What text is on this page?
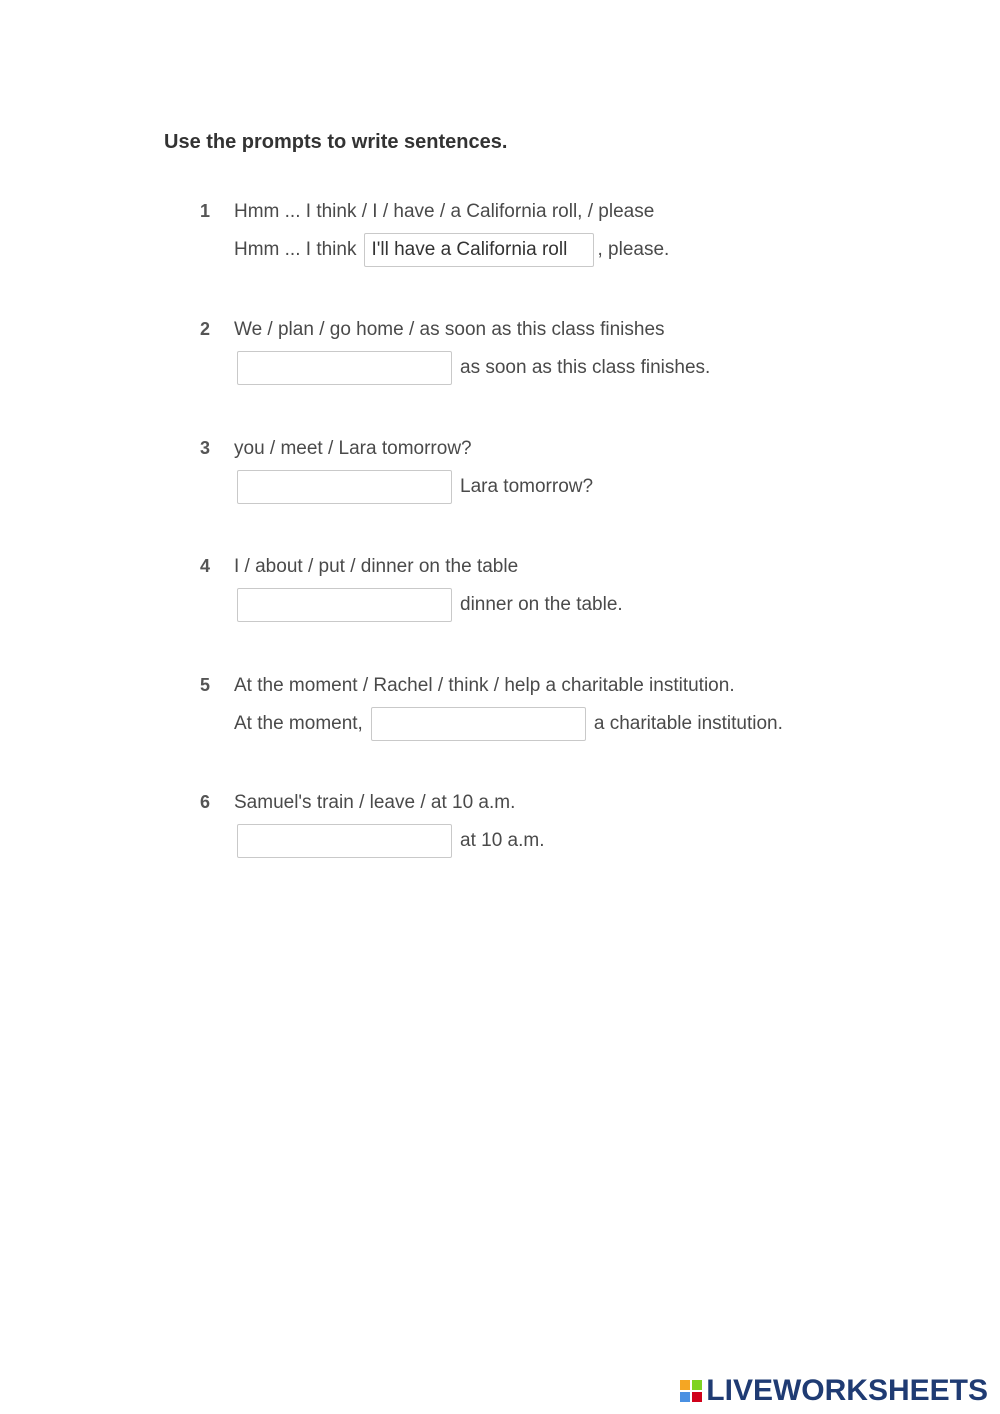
Use the prompts to write sentences.
1	Hmm ... I think / I / have / a California roll, / please
Hmm ... I think
I'll have a California roll	, please.
2	We / plan / go home / as soon as this class finishes
as soon as this class finishes.
3	you / meet / Lara tomorrow?
Lara tomorrow?
4	I / about / put / dinner on the table
dinner on the table.
5	At the moment / Rachel / think / help a charitable institution.
At the moment,	a charitable institution.
6	Samuel's train / leave / at 10 a.m.
at 10 a.m.
LIVEWORKSHEETS
